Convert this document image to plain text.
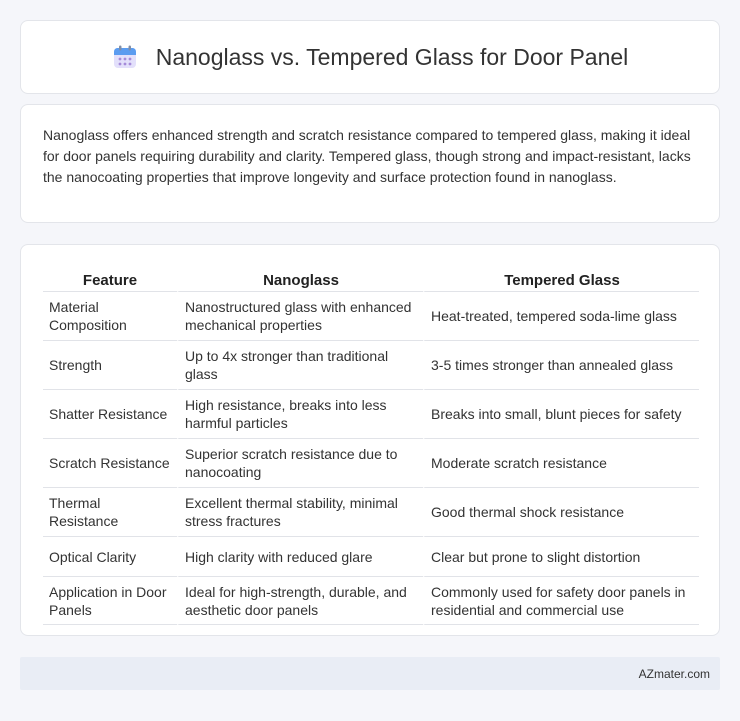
Nanoglass vs. Tempered Glass for Door Panel

Nanoglass offers enhanced strength and scratch resistance compared to tempered glass, making it ideal for door panels requiring durability and clarity. Tempered glass, though strong and impact-resistant, lacks the nanocoating properties that improve longevity and surface protection found in nanoglass.

Feature	Nanoglass	Tempered Glass
Material Composition	Nanostructured glass with enhanced mechanical properties	Heat-treated, tempered soda-lime glass
Strength	Up to 4x stronger than traditional glass	3-5 times stronger than annealed glass
Shatter Resistance	High resistance, breaks into less harmful particles	Breaks into small, blunt pieces for safety
Scratch Resistance	Superior scratch resistance due to nanocoating	Moderate scratch resistance
Thermal Resistance	Excellent thermal stability, minimal stress fractures	Good thermal shock resistance
Optical Clarity	High clarity with reduced glare	Clear but prone to slight distortion
Application in Door Panels	Ideal for high-strength, durable, and aesthetic door panels	Commonly used for safety door panels in residential and commercial use
AZmater.com
